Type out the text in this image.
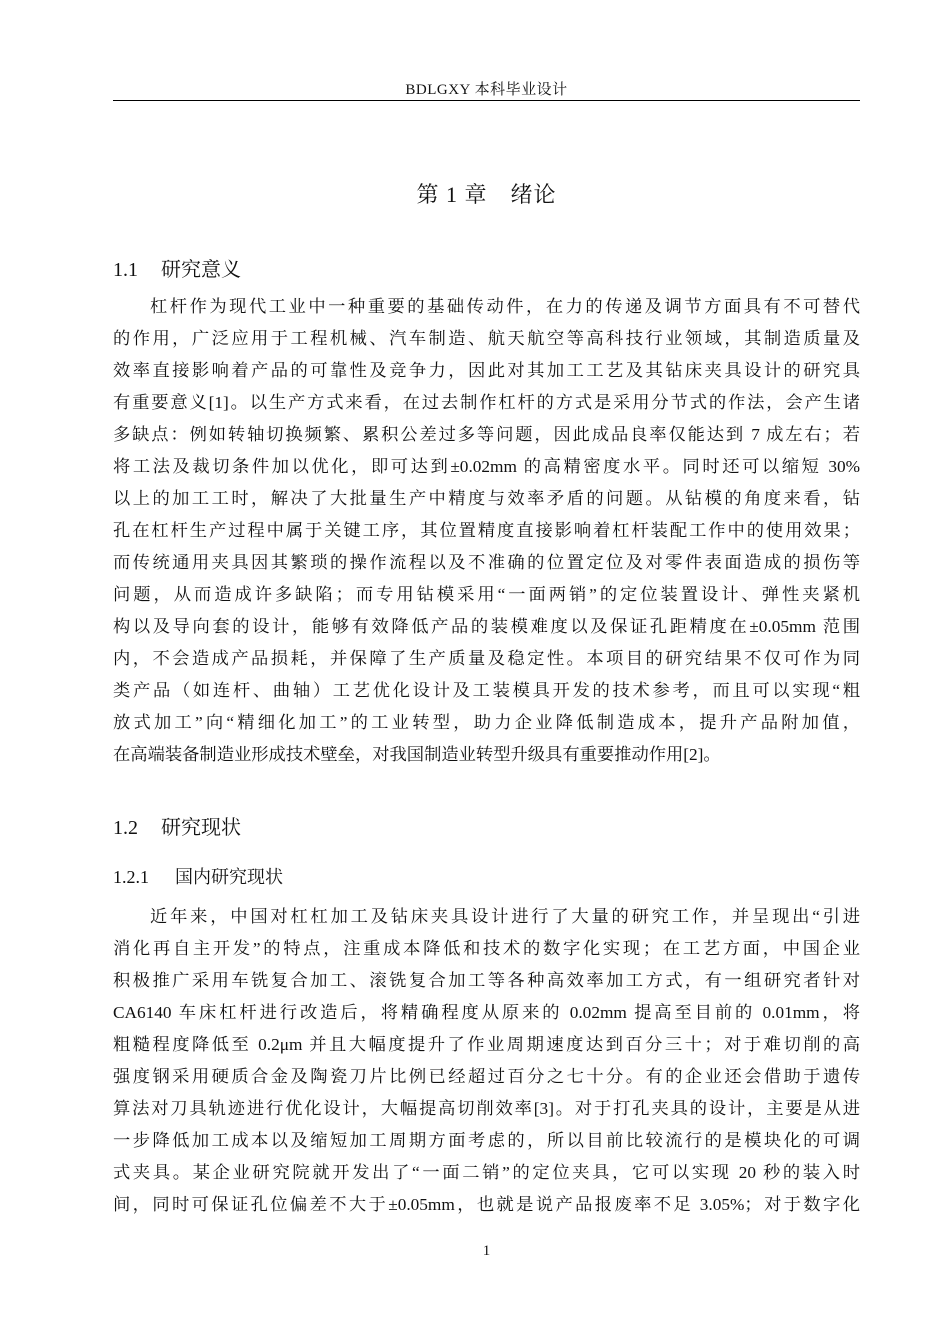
BDLGXY 本科毕业设计
第 1 章　绪论
1.1 研究意义
杠杆作为现代工业中一种重要的基础传动件，在力的传递及调节方面具有不可替代
的作用，广泛应用于工程机械、汽车制造、航天航空等高科技行业领域，其制造质量及
效率直接影响着产品的可靠性及竞争力，因此对其加工工艺及其钻床夹具设计的研究具
有重要意义[1]。以生产方式来看，在过去制作杠杆的方式是采用分节式的作法，会产生诸
多缺点：例如转轴切换频繁、累积公差过多等问题，因此成品良率仅能达到 7 成左右；若
将工法及裁切条件加以优化，即可达到±0.02mm 的高精密度水平。同时还可以缩短 30%
以上的加工工时，解决了大批量生产中精度与效率矛盾的问题。从钻模的角度来看，钻
孔在杠杆生产过程中属于关键工序，其位置精度直接影响着杠杆装配工作中的使用效果；
而传统通用夹具因其繁琐的操作流程以及不准确的位置定位及对零件表面造成的损伤等
问题，从而造成许多缺陷；而专用钻模采用“一面两销”的定位装置设计、弹性夹紧机
构以及导向套的设计，能够有效降低产品的装模难度以及保证孔距精度在±0.05mm 范围
内，不会造成产品损耗，并保障了生产质量及稳定性。本项目的研究结果不仅可作为同
类产品（如连杆、曲轴）工艺优化设计及工装模具开发的技术参考，而且可以实现“粗
放式加工”向“精细化加工”的工业转型，助力企业降低制造成本，提升产品附加值，
在高端装备制造业形成技术壁垒，对我国制造业转型升级具有重要推动作用[2]。
1.2 研究现状
1.2.1 国内研究现状
近年来，中国对杠杠加工及钻床夹具设计进行了大量的研究工作，并呈现出“引进
消化再自主开发”的特点，注重成本降低和技术的数字化实现；在工艺方面，中国企业
积极推广采用车铣复合加工、滚铣复合加工等各种高效率加工方式，有一组研究者针对
CA6140 车床杠杆进行改造后，将精确程度从原来的 0.02mm 提高至目前的 0.01mm，将
粗糙程度降低至 0.2μm 并且大幅度提升了作业周期速度达到百分三十；对于难切削的高
强度钢采用硬质合金及陶瓷刀片比例已经超过百分之七十分。有的企业还会借助于遗传
算法对刀具轨迹进行优化设计，大幅提高切削效率[3]。对于打孔夹具的设计，主要是从进
一步降低加工成本以及缩短加工周期方面考虑的，所以目前比较流行的是模块化的可调
式夹具。某企业研究院就开发出了“一面二销”的定位夹具，它可以实现 20 秒的装入时
间，同时可保证孔位偏差不大于±0.05mm，也就是说产品报废率不足 3.05%；对于数字化
1
